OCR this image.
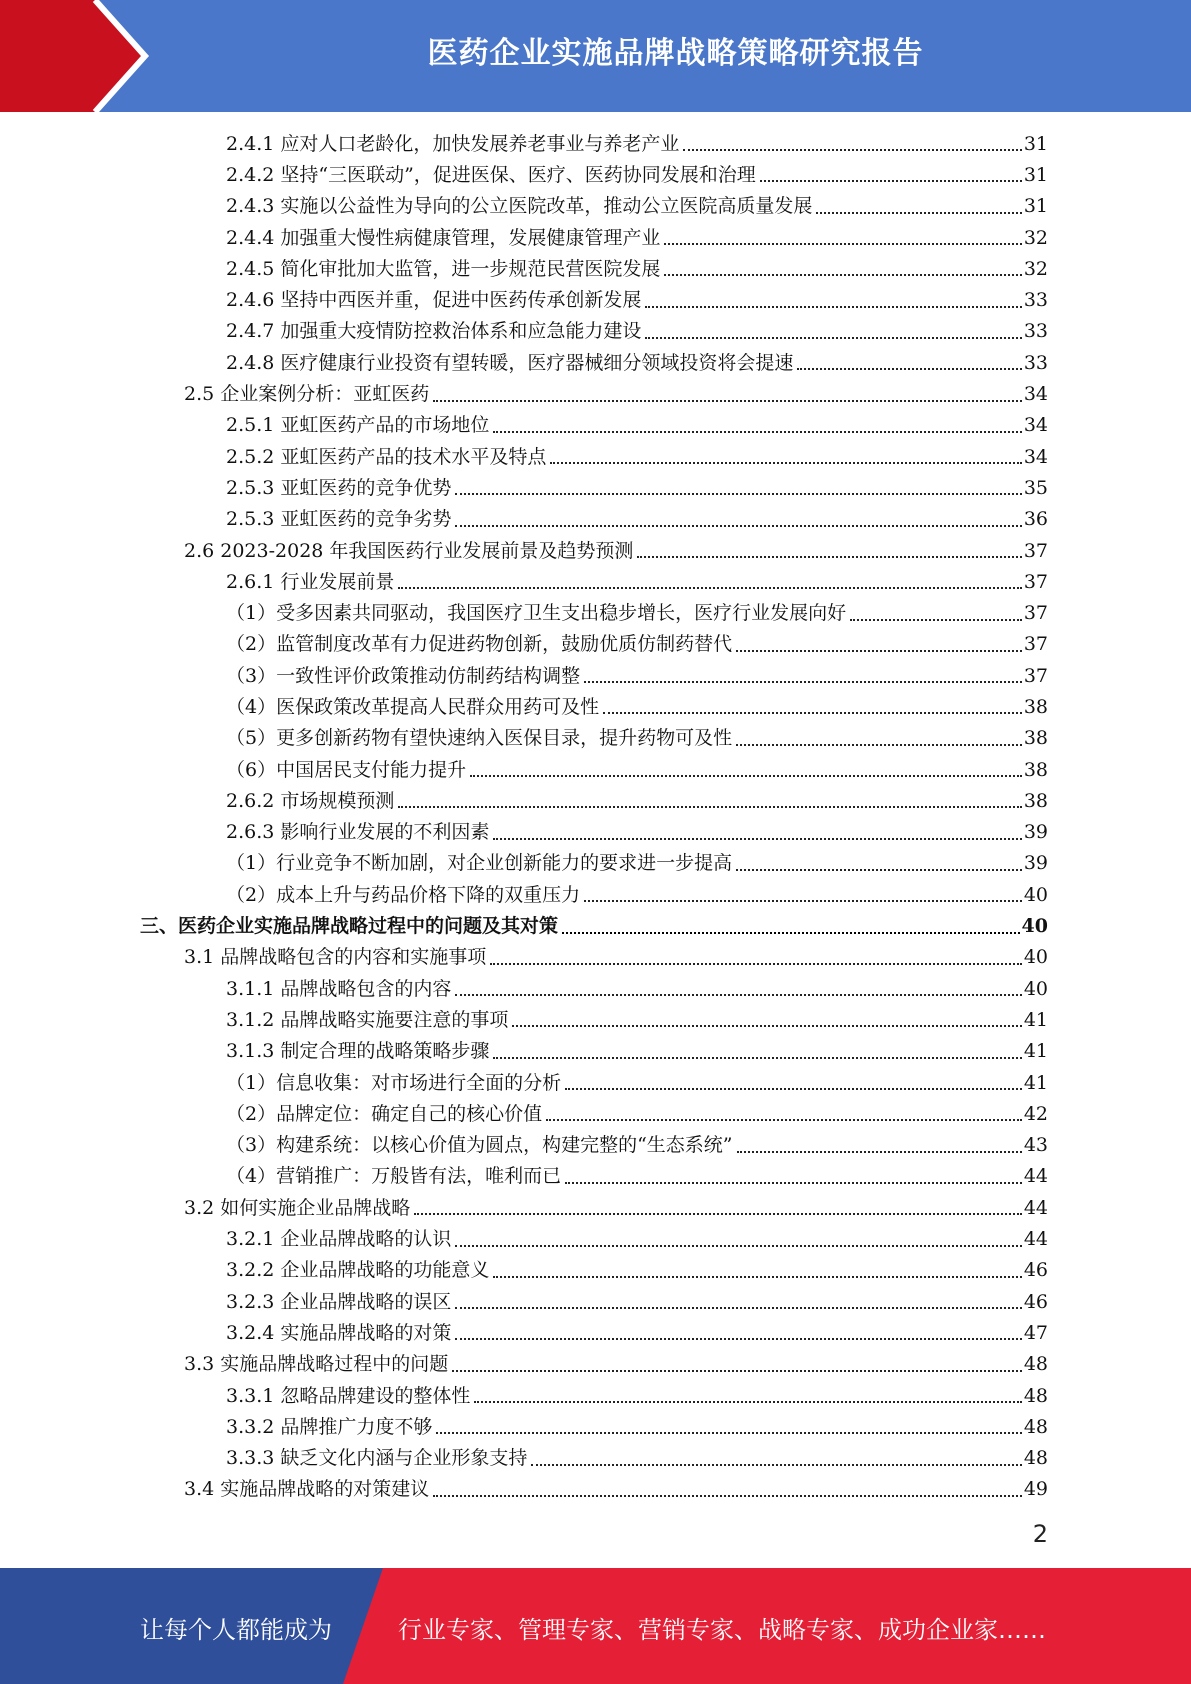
医药企业实施品牌战略策略研究报告
2.4.1 应对人口老龄化，加快发展养老事业与养老产业	31
2.4.2 坚持“三医联动”，促进医保、医疗、医药协同发展和治理	31
2.4.3 实施以公益性为导向的公立医院改革，推动公立医院高质量发展	31
2.4.4 加强重大慢性病健康管理，发展健康管理产业	32
2.4.5 简化审批加大监管，进一步规范民营医院发展	32
2.4.6 坚持中西医并重，促进中医药传承创新发展	33
2.4.7 加强重大疫情防控救治体系和应急能力建设	33
2.4.8 医疗健康行业投资有望转暖，医疗器械细分领域投资将会提速	33
2.5 企业案例分析：亚虹医药	34
2.5.1 亚虹医药产品的市场地位	34
2.5.2 亚虹医药产品的技术水平及特点	34
2.5.3 亚虹医药的竞争优势	35
2.5.3 亚虹医药的竞争劣势	36
2.6 2023-2028 年我国医药行业发展前景及趋势预测	37
2.6.1 行业发展前景	37
（1）受多因素共同驱动，我国医疗卫生支出稳步增长，医疗行业发展向好	37
（2）监管制度改革有力促进药物创新，鼓励优质仿制药替代	37
（3）一致性评价政策推动仿制药结构调整	37
（4）医保政策改革提高人民群众用药可及性	38
（5）更多创新药物有望快速纳入医保目录，提升药物可及性	38
（6）中国居民支付能力提升	38
2.6.2 市场规模预测	38
2.6.3 影响行业发展的不利因素	39
（1）行业竞争不断加剧，对企业创新能力的要求进一步提高	39
（2）成本上升与药品价格下降的双重压力	40
三、医药企业实施品牌战略过程中的问题及其对策	40
3.1 品牌战略包含的内容和实施事项	40
3.1.1 品牌战略包含的内容	40
3.1.2 品牌战略实施要注意的事项	41
3.1.3 制定合理的战略策略步骤	41
（1）信息收集：对市场进行全面的分析	41
（2）品牌定位：确定自己的核心价值	42
（3）构建系统：以核心价值为圆点，构建完整的“生态系统”	43
（4）营销推广：万般皆有法，唯利而已	44
3.2 如何实施企业品牌战略	44
3.2.1 企业品牌战略的认识	44
3.2.2 企业品牌战略的功能意义	46
3.2.3 企业品牌战略的误区	46
3.2.4 实施品牌战略的对策	47
3.3 实施品牌战略过程中的问题	48
3.3.1 忽略品牌建设的整体性	48
3.3.2 品牌推广力度不够	48
3.3.3 缺乏文化内涵与企业形象支持	48
3.4 实施品牌战略的对策建议	49
2
让每个人都能成为	行业专家、管理专家、营销专家、战略专家、成功企业家……
